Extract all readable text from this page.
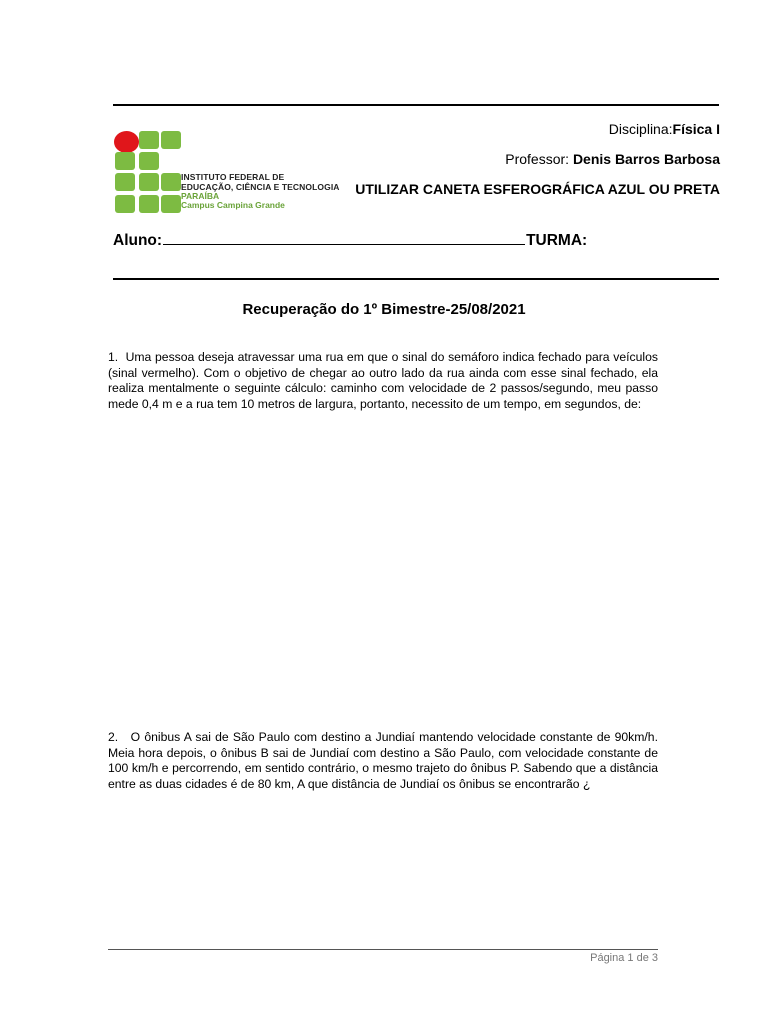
INSTITUTO FEDERAL DE
EDUCAÇÃO, CIÊNCIA E TECNOLOGIA
PARAÍBA
Campus Campina Grande
Disciplina:Física I
Professor: Denis Barros Barbosa
UTILIZAR CANETA ESFEROGRÁFICA AZUL OU PRETA
Aluno:	TURMA:
Recuperação do 1º Bimestre-25/08/2021
1. Uma pessoa deseja atravessar uma rua em que o sinal do semáforo indica fechado para veículos (sinal vermelho). Com o objetivo de chegar ao outro lado da rua ainda com esse sinal fechado, ela realiza mentalmente o seguinte cálculo: caminho com velocidade de 2 passos/segundo, meu passo mede 0,4 m e a rua tem 10 metros de largura, portanto, necessito de um tempo, em segundos, de:
2. O ônibus A sai de São Paulo com destino a Jundiaí mantendo velocidade constante de 90km/h. Meia hora depois, o ônibus B sai de Jundiaí com destino a São Paulo, com velocidade constante de 100 km/h e percorrendo, em sentido contrário, o mesmo trajeto do ônibus P. Sabendo que a distância entre as duas cidades é de 80 km, A que distância de Jundiaí os ônibus se encontrarão ¿
Página 1 de 3
